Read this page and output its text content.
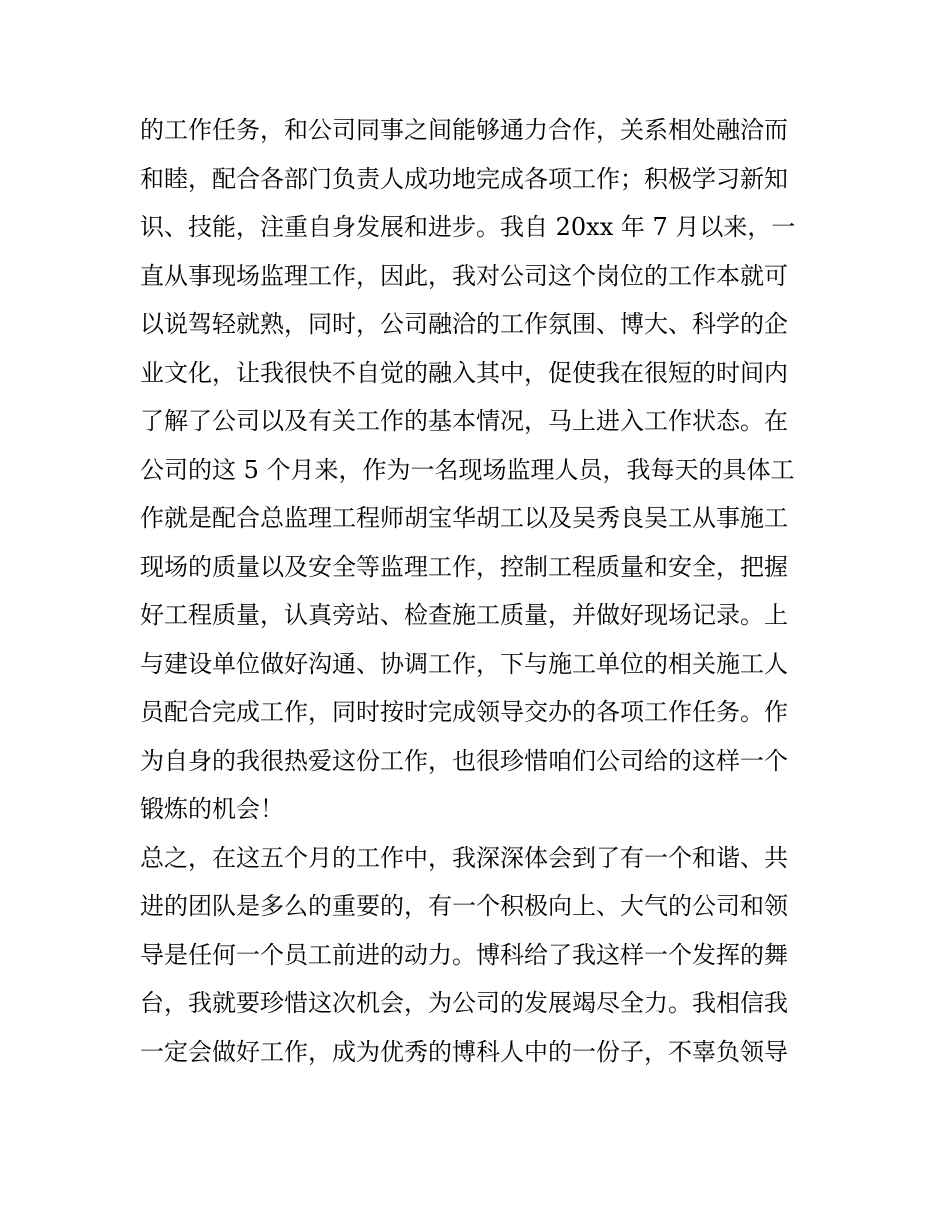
的工作任务，和公司同事之间能够通力合作，关系相处融洽而
和睦，配合各部门负责人成功地完成各项工作；积极学习新知
识、技能，注重自身发展和进步。我自 20xx 年 7 月以来，一
直从事现场监理工作，因此，我对公司这个岗位的工作本就可
以说驾轻就熟，同时，公司融洽的工作氛围、博大、科学的企
业文化，让我很快不自觉的融入其中，促使我在很短的时间内
了解了公司以及有关工作的基本情况，马上进入工作状态。在
公司的这 5 个月来，作为一名现场监理人员，我每天的具体工
作就是配合总监理工程师胡宝华胡工以及吴秀良吴工从事施工
现场的质量以及安全等监理工作，控制工程质量和安全，把握
好工程质量，认真旁站、检查施工质量，并做好现场记录。上
与建设单位做好沟通、协调工作，下与施工单位的相关施工人
员配合完成工作，同时按时完成领导交办的各项工作任务。作
为自身的我很热爱这份工作，也很珍惜咱们公司给的这样一个
锻炼的机会！
总之，在这五个月的工作中，我深深体会到了有一个和谐、共
进的团队是多么的重要的，有一个积极向上、大气的公司和领
导是任何一个员工前进的动力。博科给了我这样一个发挥的舞
台，我就要珍惜这次机会，为公司的发展竭尽全力。我相信我
一定会做好工作，成为优秀的博科人中的一份子，不辜负领导
